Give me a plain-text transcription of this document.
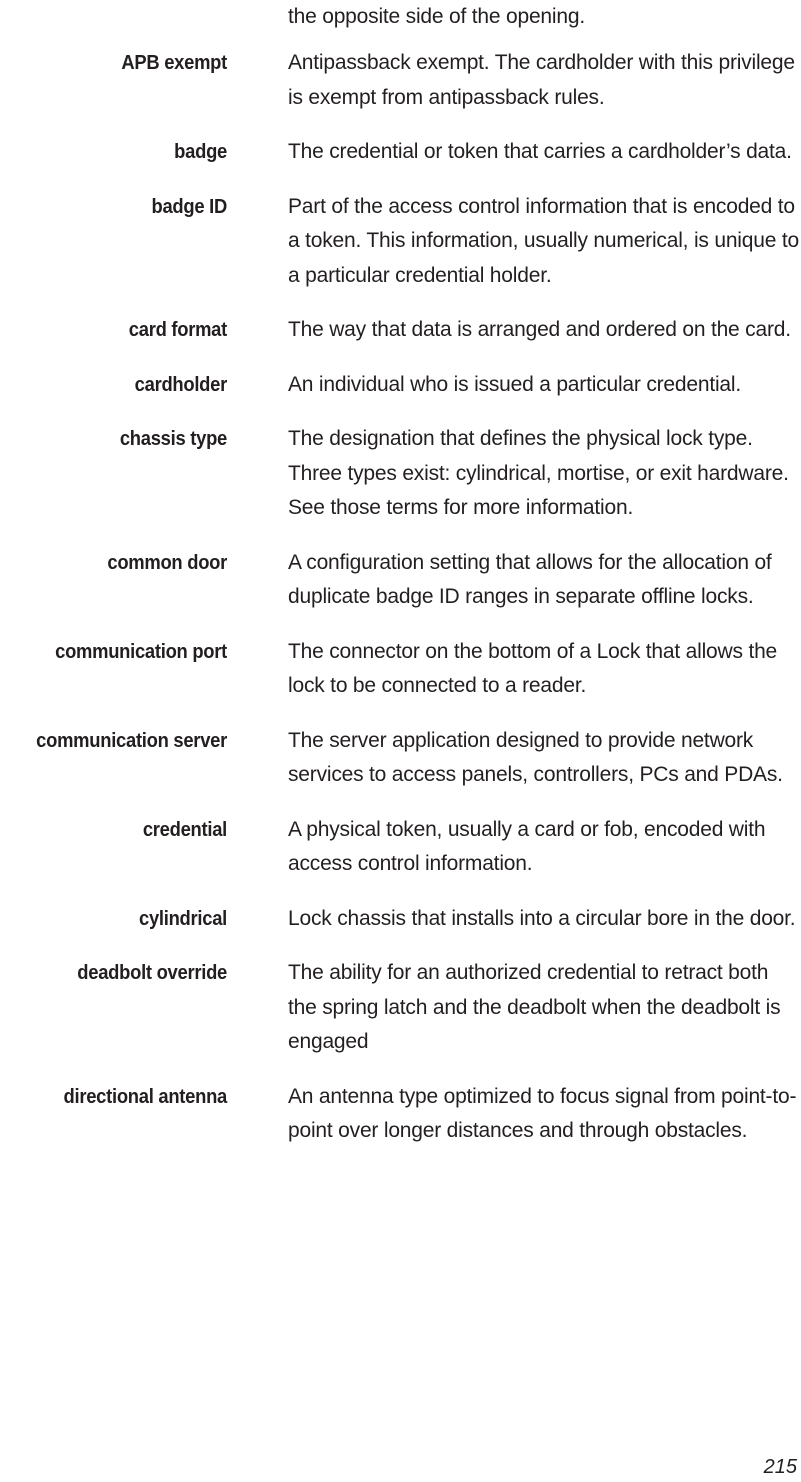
the opposite side of the opening.
APB exempt	Antipassback exempt. The cardholder with this privilege is exempt from antipassback rules.
badge	The credential or token that carries a cardholder’s data.
badge ID	Part of the access control information that is encoded to a token. This information, usually numerical, is unique to a particular credential holder.
card format	The way that data is arranged and ordered on the card.
cardholder	An individual who is issued a particular credential.
chassis type	The designation that defines the physical lock type. Three types exist: cylindrical, mortise, or exit hardware. See those terms for more information.
common door	A configuration setting that allows for the allocation of duplicate badge ID ranges in separate offline locks.
communication port	The connector on the bottom of a Lock that allows the lock to be connected to a reader.
communication server	The server application designed to provide network services to access panels, controllers, PCs and PDAs.
credential	A physical token, usually a card or fob, encoded with access control information.
cylindrical	Lock chassis that installs into a circular bore in the door.
deadbolt override	The ability for an authorized credential to retract both the spring latch and the deadbolt when the deadbolt is engaged
directional antenna	An antenna type optimized to focus signal from point-to-point over longer distances and through obstacles.
215
